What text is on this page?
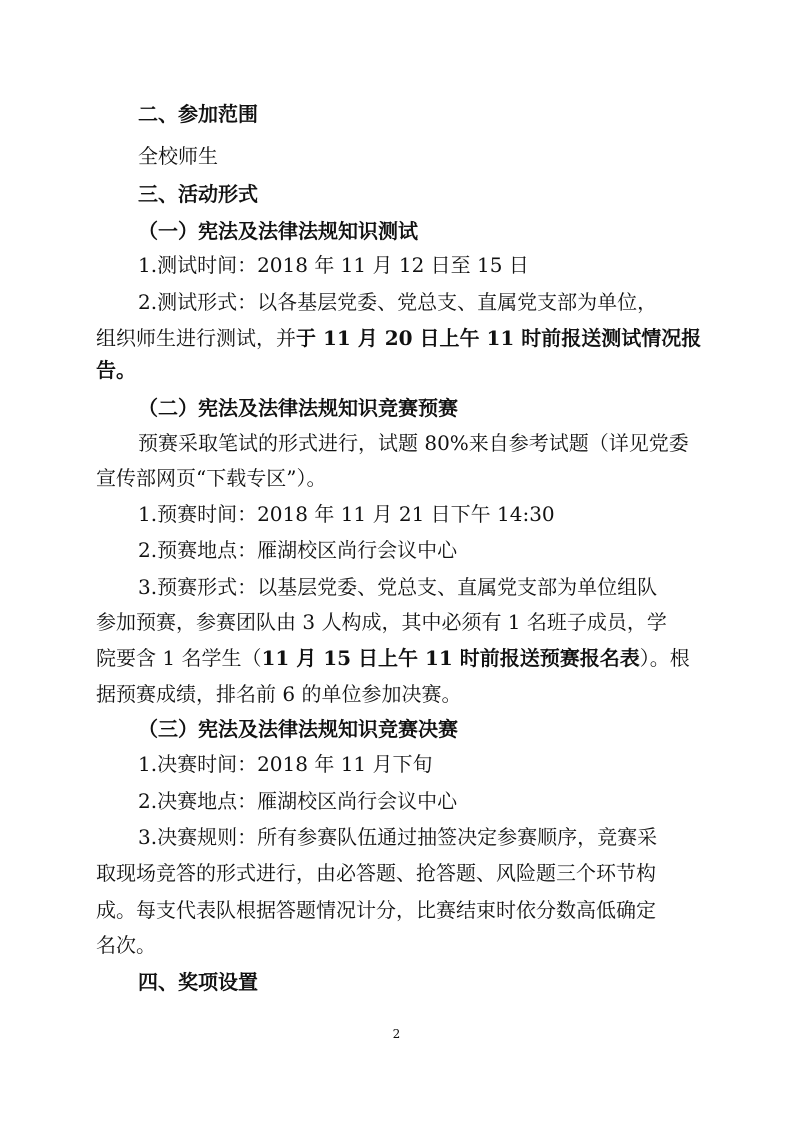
二、参加范围
全校师生
三、活动形式
（一）宪法及法律法规知识测试
1.测试时间：2018 年 11 月 12 日至 15 日
2.测试形式：以各基层党委、党总支、直属党支部为单位，
组织师生进行测试，并于 11 月 20 日上午 11 时前报送测试情况报
告。
（二）宪法及法律法规知识竞赛预赛
预赛采取笔试的形式进行，试题 80%来自参考试题（详见党委
宣传部网页“下载专区”）。
1.预赛时间：2018 年 11 月 21 日下午 14:30
2.预赛地点：雁湖校区尚行会议中心
3.预赛形式：以基层党委、党总支、直属党支部为单位组队
参加预赛，参赛团队由 3 人构成，其中必须有 1 名班子成员，学
院要含 1 名学生（11 月 15 日上午 11 时前报送预赛报名表）。根
据预赛成绩，排名前 6 的单位参加决赛。
（三）宪法及法律法规知识竞赛决赛
1.决赛时间：2018 年 11 月下旬
2.决赛地点：雁湖校区尚行会议中心
3.决赛规则：所有参赛队伍通过抽签决定参赛顺序，竞赛采
取现场竞答的形式进行，由必答题、抢答题、风险题三个环节构
成。每支代表队根据答题情况计分，比赛结束时依分数高低确定
名次。
四、奖项设置
2
